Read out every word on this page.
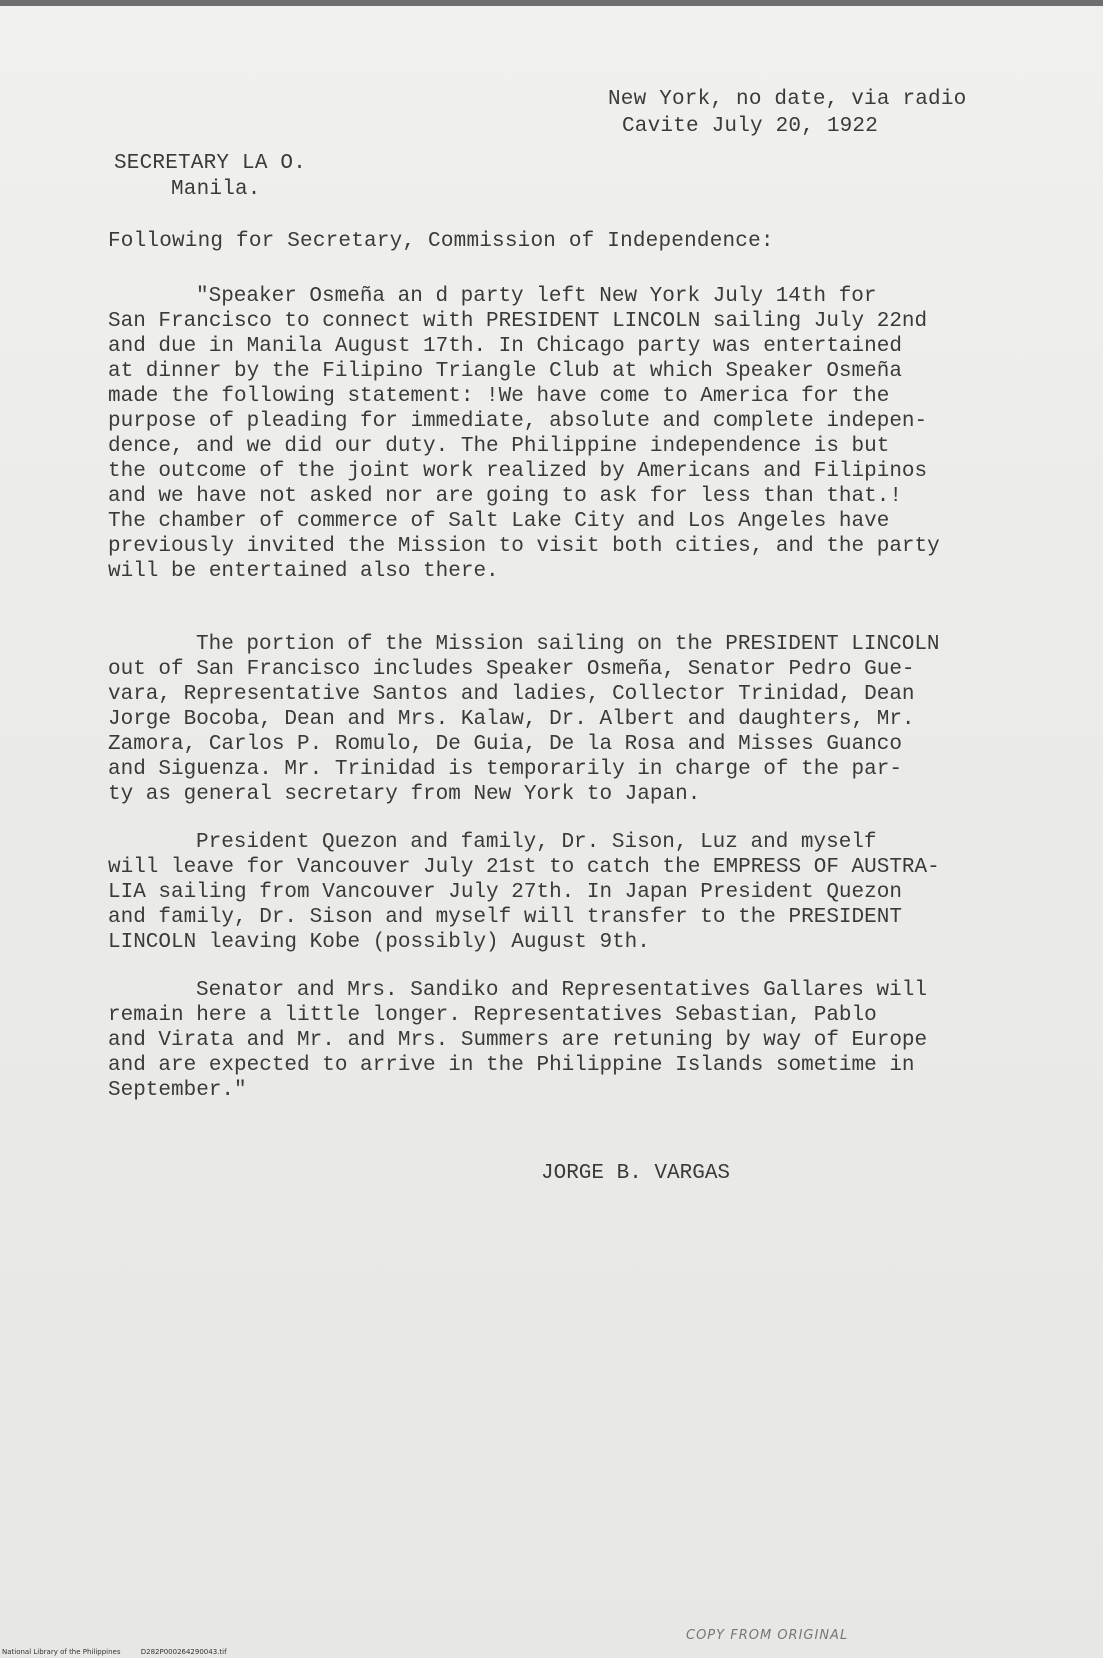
New York, no date, via radio
Cavite July 20, 1922
SECRETARY LA O.
Manila.
Following for Secretary, Commission of Independence:

"Speaker Osmeña an d party left New York July 14th for

San Francisco to connect with PRESIDENT LINCOLN sailing July 22nd

and due in Manila August 17th. In Chicago party was entertained

at dinner by the Filipino Triangle Club at which Speaker Osmeña

made the following statement: !We have come to America for the

purpose of pleading for immediate, absolute and complete indepen-

dence, and we did our duty. The Philippine independence is but

the outcome of the joint work realized by Americans and Filipinos

and we have not asked nor are going to ask for less than that.!

The chamber of commerce of Salt Lake City and Los Angeles have

previously invited the Mission to visit both cities, and the party

will be entertained also there.

The portion of the Mission sailing on the PRESIDENT LINCOLN

out of San Francisco includes Speaker Osmeña, Senator Pedro Gue-

vara, Representative Santos and ladies, Collector Trinidad, Dean

Jorge Bocoba, Dean and Mrs. Kalaw, Dr. Albert and daughters, Mr.

Zamora, Carlos P. Romulo, De Guia, De la Rosa and Misses Guanco

and Siguenza. Mr. Trinidad is temporarily in charge of the par-

ty as general secretary from New York to Japan.

President Quezon and family, Dr. Sison, Luz and myself

will leave for Vancouver July 21st to catch the EMPRESS OF AUSTRA-

LIA sailing from Vancouver July 27th. In Japan President Quezon

and family, Dr. Sison and myself will transfer to the PRESIDENT

LINCOLN leaving Kobe (possibly) August 9th.

Senator and Mrs. Sandiko and Representatives Gallares will

remain here a little longer. Representatives Sebastian, Pablo

and Virata and Mr. and Mrs. Summers are retuning by way of Europe

and are expected to arrive in the Philippine Islands sometime in

September."

JORGE B. VARGAS
COPY FROM ORIGINAL
National Library of the Philippines	D282P000264290043.tif
